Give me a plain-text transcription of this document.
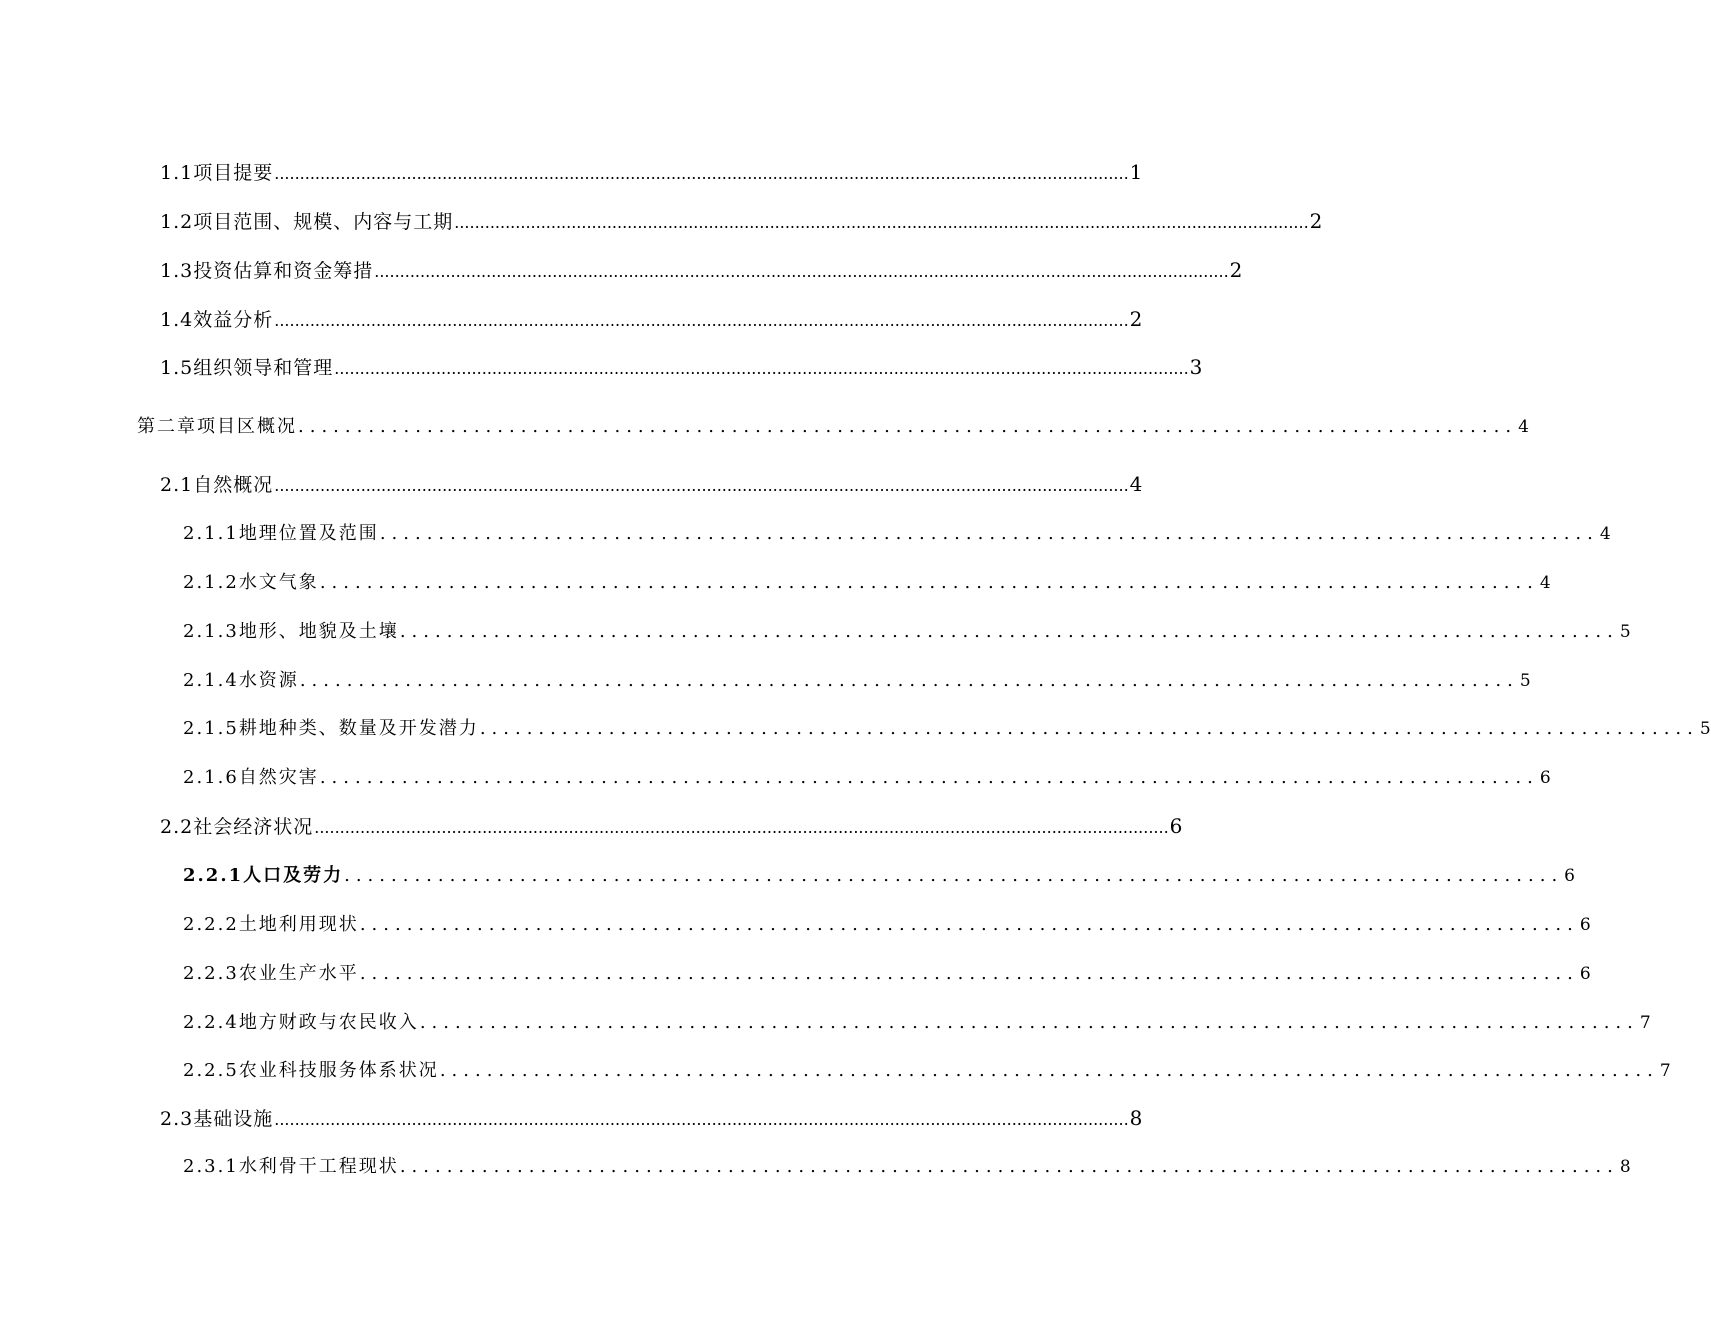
1.1 项目提要 ........................................................................................................................................................................ 1
1.2 项目范围、规模、内容与工期 ........................................................................................................................................................................ 2
1.3 投资估算和资金筹措 ........................................................................................................................................................................ 2
1.4 效益分析 ........................................................................................................................................................................ 2
1.5 组织领导和管理 ........................................................................................................................................................................ 3
第二章 项目区概况 ........................................................................................................ 4
2.1 自然概况 ........................................................................................................................................................................ 4
2.1.1 地理位置及范围 ........................................................................................................ 4
2.1.2 水文气象 ........................................................................................................ 4
2.1.3 地形、地貌及土壤 ........................................................................................................ 5
2.1.4 水资源 ........................................................................................................ 5
2.1.5 耕地种类、数量及开发潜力 ........................................................................................................ 5
2.1.6 自然灾害 ........................................................................................................ 6
2.2 社会经济状况 ........................................................................................................................................................................ 6
2.2.1 人口及劳力 ........................................................................................................ 6
2.2.2 土地利用现状 ........................................................................................................ 6
2.2.3 农业生产水平 ........................................................................................................ 6
2.2.4 地方财政与农民收入 ........................................................................................................ 7
2.2.5 农业科技服务体系状况 ........................................................................................................ 7
2.3 基础设施 ........................................................................................................................................................................ 8
2.3.1 水利骨干工程现状 ........................................................................................................ 8
